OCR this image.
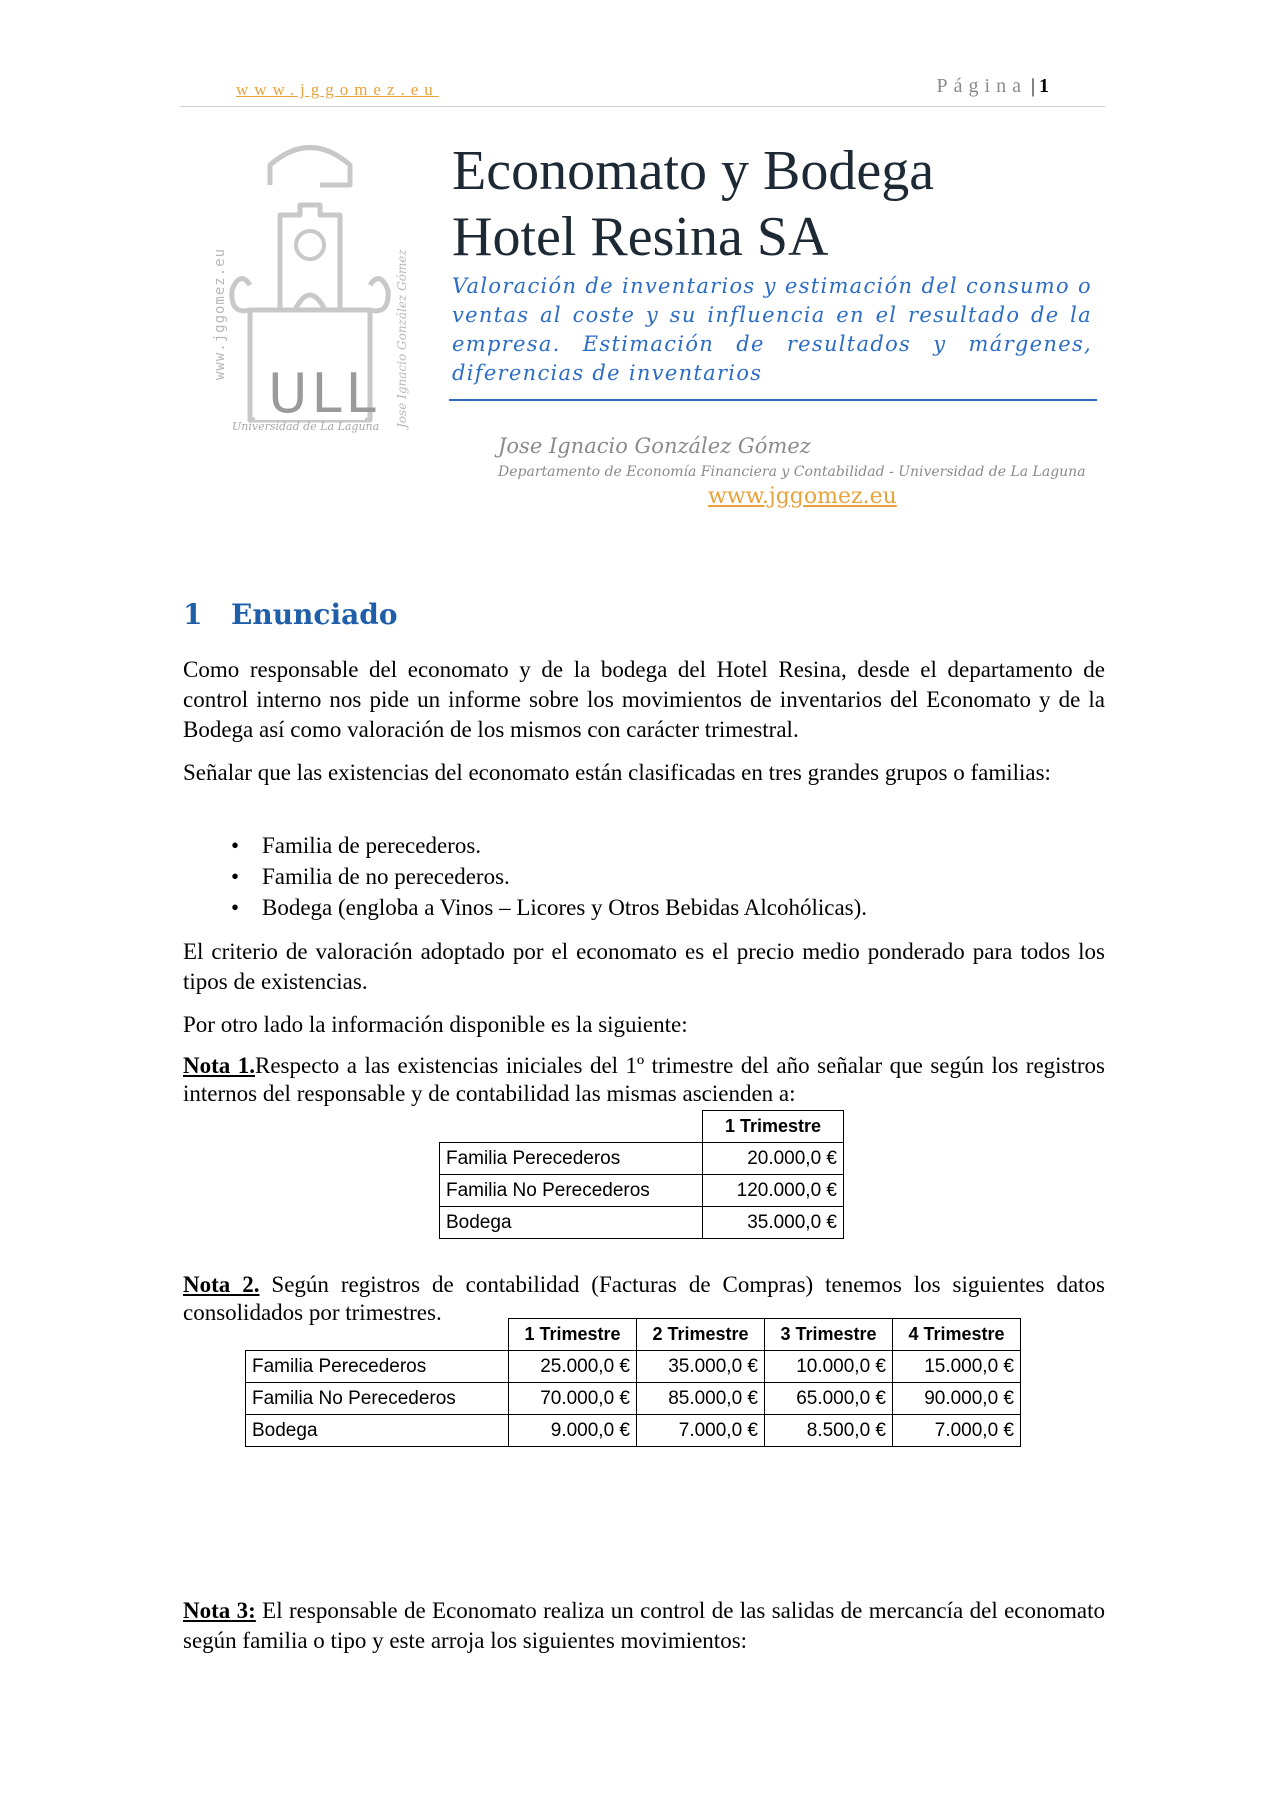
www.jggomez.eu	Página | 1
ULL
Universidad de La Laguna
www.jggomez.eu	Jose Ignacio González Gómez
Economato y Bodega
Hotel Resina SA
Valoración de inventarios y estimación del consumo o ventas al coste y su influencia en el resultado de la empresa. Estimación de resultados y márgenes, diferencias de inventarios
Jose Ignacio González Gómez
Departamento de Economía Financiera y Contabilidad - Universidad de La Laguna
www.jggomez.eu
1 Enunciado
Como responsable del economato y de la bodega del Hotel Resina, desde el departamento de control interno nos pide un informe sobre los movimientos de inventarios del Economato y de la Bodega así como valoración de los mismos con carácter trimestral.
Señalar que las existencias del economato están clasificadas en tres grandes grupos o familias:
• Familia de perecederos.
• Familia de no perecederos.
• Bodega (engloba a Vinos – Licores y Otros Bebidas Alcohólicas).
El criterio de valoración adoptado por el economato es el precio medio ponderado para todos los tipos de existencias.
Por otro lado la información disponible es la siguiente:
Nota 1.Respecto a las existencias iniciales del 1º trimestre del año señalar que según los registros internos del responsable y de contabilidad las mismas ascienden a:
	1 Trimestre
Familia Perecederos	20.000,0 €
Familia No Perecederos	120.000,0 €
Bodega	35.000,0 €
Nota 2. Según registros de contabilidad (Facturas de Compras) tenemos los siguientes datos consolidados por trimestres.
	1 Trimestre	2 Trimestre	3 Trimestre	4 Trimestre
Familia Perecederos	25.000,0 €	35.000,0 €	10.000,0 €	15.000,0 €
Familia No Perecederos	70.000,0 €	85.000,0 €	65.000,0 €	90.000,0 €
Bodega	9.000,0 €	7.000,0 €	8.500,0 €	7.000,0 €
Nota 3: El responsable de Economato realiza un control de las salidas de mercancía del economato según familia o tipo y este arroja los siguientes movimientos:
